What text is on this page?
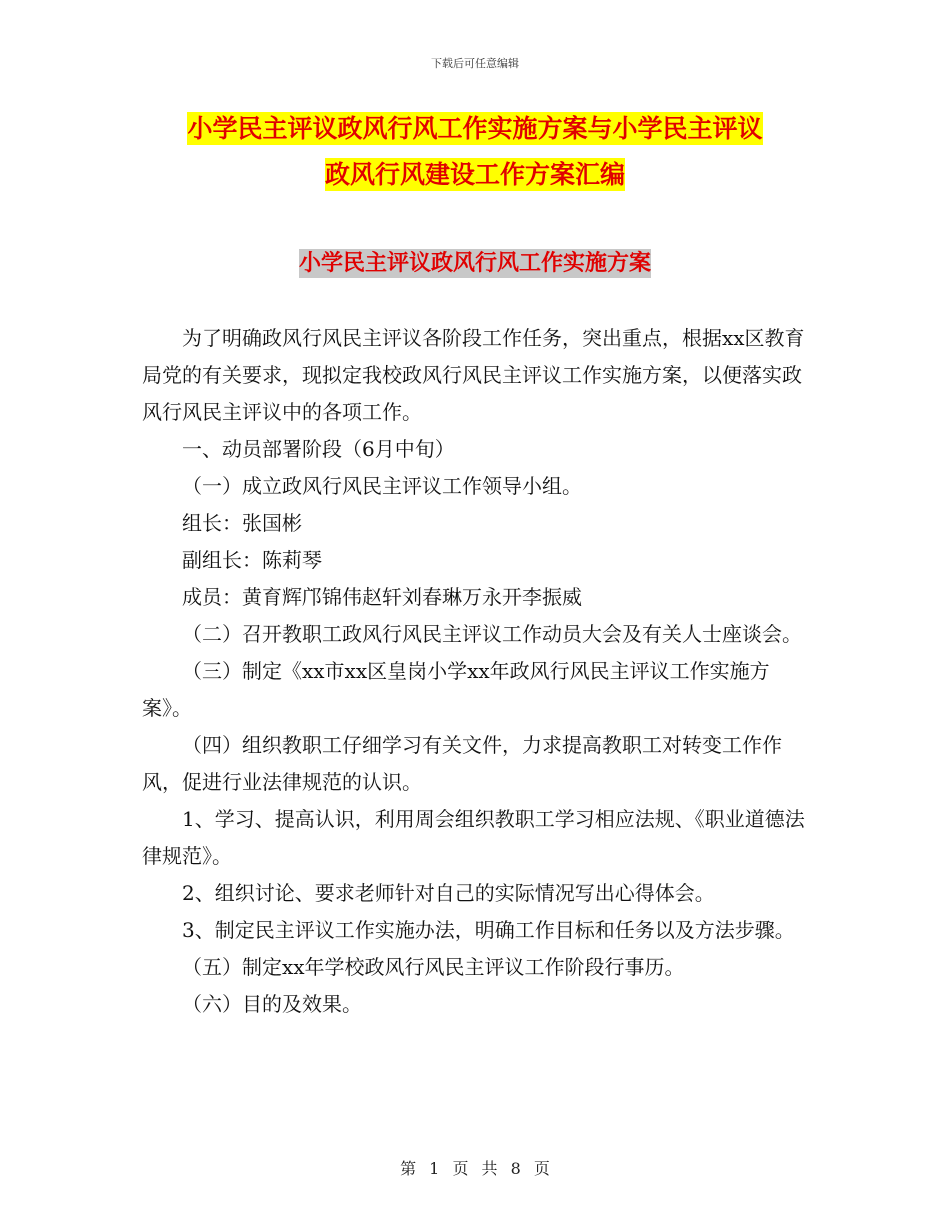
下载后可任意编辑
小学民主评议政风行风工作实施方案与小学民主评议
政风行风建设工作方案汇编
小学民主评议政风行风工作实施方案

为了明确政风行风民主评议各阶段工作任务，突出重点，根据xx区教育局党的有关要求，现拟定我校政风行风民主评议工作实施方案，以便落实政风行风民主评议中的各项工作。

一、动员部署阶段（6月中旬）

（一）成立政风行风民主评议工作领导小组。

组长：张国彬

副组长：陈莉琴

成员：黄育辉邝锦伟赵轩刘春琳万永开李振威

（二）召开教职工政风行风民主评议工作动员大会及有关人士座谈会。

（三）制定《xx市xx区皇岗小学xx年政风行风民主评议工作实施方案》。

（四）组织教职工仔细学习有关文件，力求提高教职工对转变工作作风，促进行业法律规范的认识。

1、学习、提高认识，利用周会组织教职工学习相应法规、《职业道德法律规范》。

2、组织讨论、要求老师针对自己的实际情况写出心得体会。

3、制定民主评议工作实施办法，明确工作目标和任务以及方法步骤。

（五）制定xx年学校政风行风民主评议工作阶段行事历。

（六）目的及效果。

第 1 页 共 8 页
